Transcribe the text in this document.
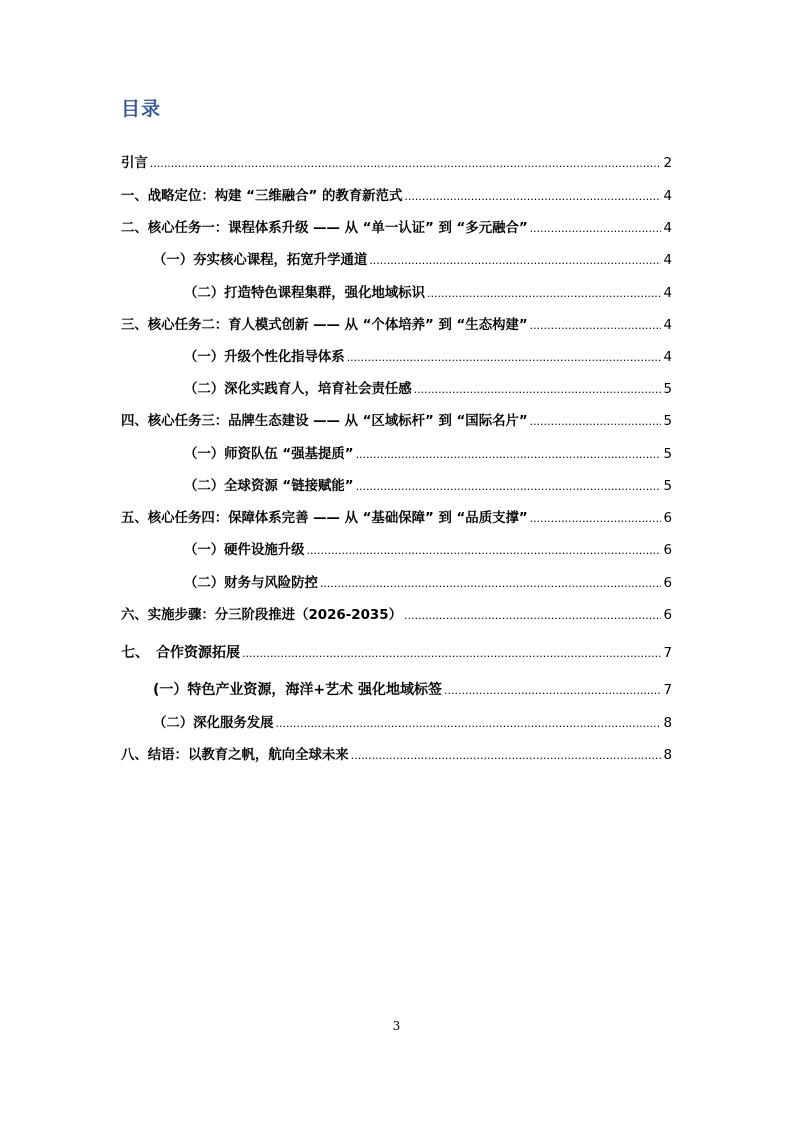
目录
引言 .....	2
一、战略定位：构建 “三维融合” 的教育新范式 .....	4
二、核心任务一：课程体系升级 —— 从 “单一认证” 到 “多元融合” .....	4
（一）夯实核心课程，拓宽升学通道 .....	4
（二）打造特色课程集群，强化地域标识 .....	4
三、核心任务二：育人模式创新 —— 从 “个体培养” 到 “生态构建” .....	4
（一）升级个性化指导体系 .....	4
（二）深化实践育人，培育社会责任感 .....	5
四、核心任务三：品牌生态建设 —— 从 “区域标杆” 到 “国际名片” .....	5
（一）师资队伍 “强基提质” .....	5
（二）全球资源 “链接赋能” .....	5
五、核心任务四：保障体系完善 —— 从 “基础保障” 到 “品质支撑” .....	6
（一）硬件设施升级 .....	6
（二）财务与风险防控 .....	6
六、实施步骤：分三阶段推进（2026-2035） .....	6
七、　合作资源拓展 .....	7
(一）特色产业资源，海洋+艺术 强化地域标签 .....	7
（二）深化服务发展 .....	8
八、结语：以教育之帆，航向全球未来 .....	8
3
